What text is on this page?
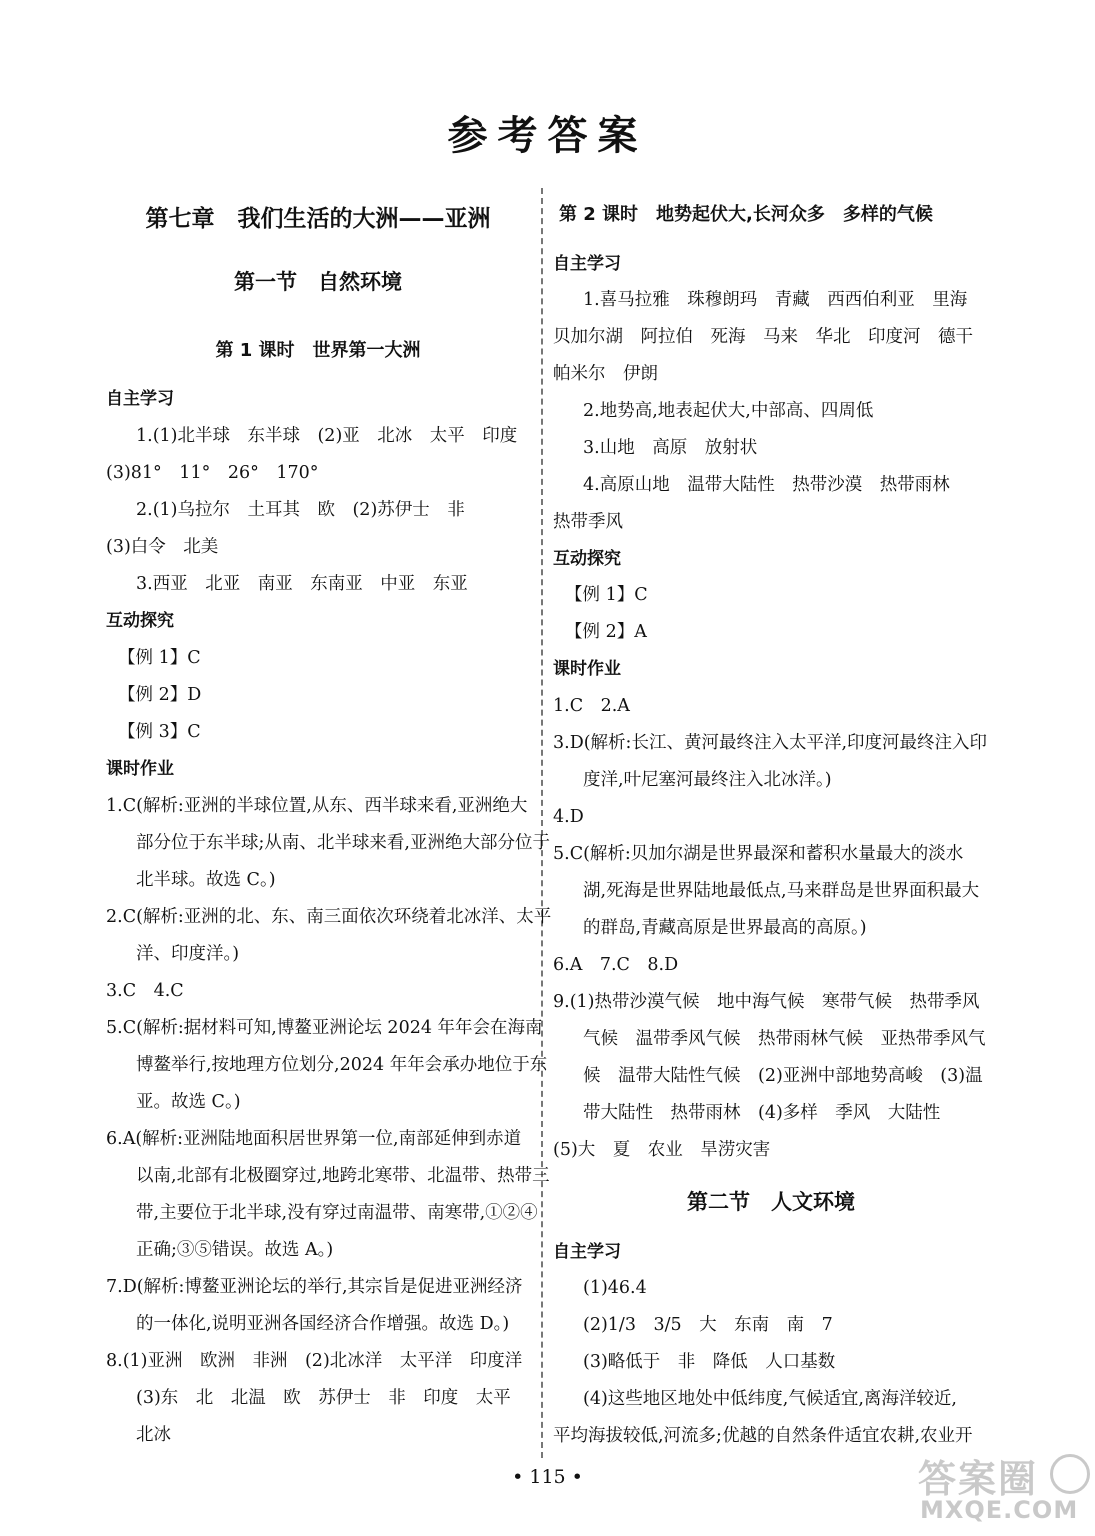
参考答案
第七章　我们生活的大洲——亚洲
第一节　自然环境
第 1 课时　世界第一大洲
自主学习
1.(1)北半球　东半球　(2)亚　北冰　太平　印度
(3)81°　11°　26°　170°
2.(1)乌拉尔　土耳其　欧　(2)苏伊士　非
(3)白令　北美
3.西亚　北亚　南亚　东南亚　中亚　东亚
互动探究
【例 1】C
【例 2】D
【例 3】C
课时作业
1.C(解析:亚洲的半球位置,从东、西半球来看,亚洲绝大
部分位于东半球;从南、北半球来看,亚洲绝大部分位于
北半球。故选 C。)
2.C(解析:亚洲的北、东、南三面依次环绕着北冰洋、太平
洋、印度洋。)
3.C　4.C
5.C(解析:据材料可知,博鳌亚洲论坛 2024 年年会在海南
博鳌举行,按地理方位划分,2024 年年会承办地位于东
亚。故选 C。)
6.A(解析:亚洲陆地面积居世界第一位,南部延伸到赤道
以南,北部有北极圈穿过,地跨北寒带、北温带、热带三
带,主要位于北半球,没有穿过南温带、南寒带,①②④
正确;③⑤错误。故选 A。)
7.D(解析:博鳌亚洲论坛的举行,其宗旨是促进亚洲经济
的一体化,说明亚洲各国经济合作增强。故选 D。)
8.(1)亚洲　欧洲　非洲　(2)北冰洋　太平洋　印度洋
(3)东　北　北温　欧　苏伊士　非　印度　太平
北冰
第 2 课时　地势起伏大,长河众多　多样的气候
自主学习
1.喜马拉雅　珠穆朗玛　青藏　西西伯利亚　里海
贝加尔湖　阿拉伯　死海　马来　华北　印度河　德干
帕米尔　伊朗
2.地势高,地表起伏大,中部高、四周低
3.山地　高原　放射状
4.高原山地　温带大陆性　热带沙漠　热带雨林
热带季风
互动探究
【例 1】C
【例 2】A
课时作业
1.C　2.A
3.D(解析:长江、黄河最终注入太平洋,印度河最终注入印
度洋,叶尼塞河最终注入北冰洋。)
4.D
5.C(解析:贝加尔湖是世界最深和蓄积水量最大的淡水
湖,死海是世界陆地最低点,马来群岛是世界面积最大
的群岛,青藏高原是世界最高的高原。)
6.A　7.C　8.D
9.(1)热带沙漠气候　地中海气候　寒带气候　热带季风
气候　温带季风气候　热带雨林气候　亚热带季风气
候　温带大陆性气候　(2)亚洲中部地势高峻　(3)温
带大陆性　热带雨林　(4)多样　季风　大陆性
(5)大　夏　农业　旱涝灾害
第二节　人文环境
自主学习
(1)46.4
(2)1/3　3/5　大　东南　南　7
(3)略低于　非　降低　人口基数
(4)这些地区地处中低纬度,气候适宜,离海洋较近,
平均海拔较低,河流多;优越的自然条件适宜农耕,农业开
• 115 •	答案圈
MXQE.COM
